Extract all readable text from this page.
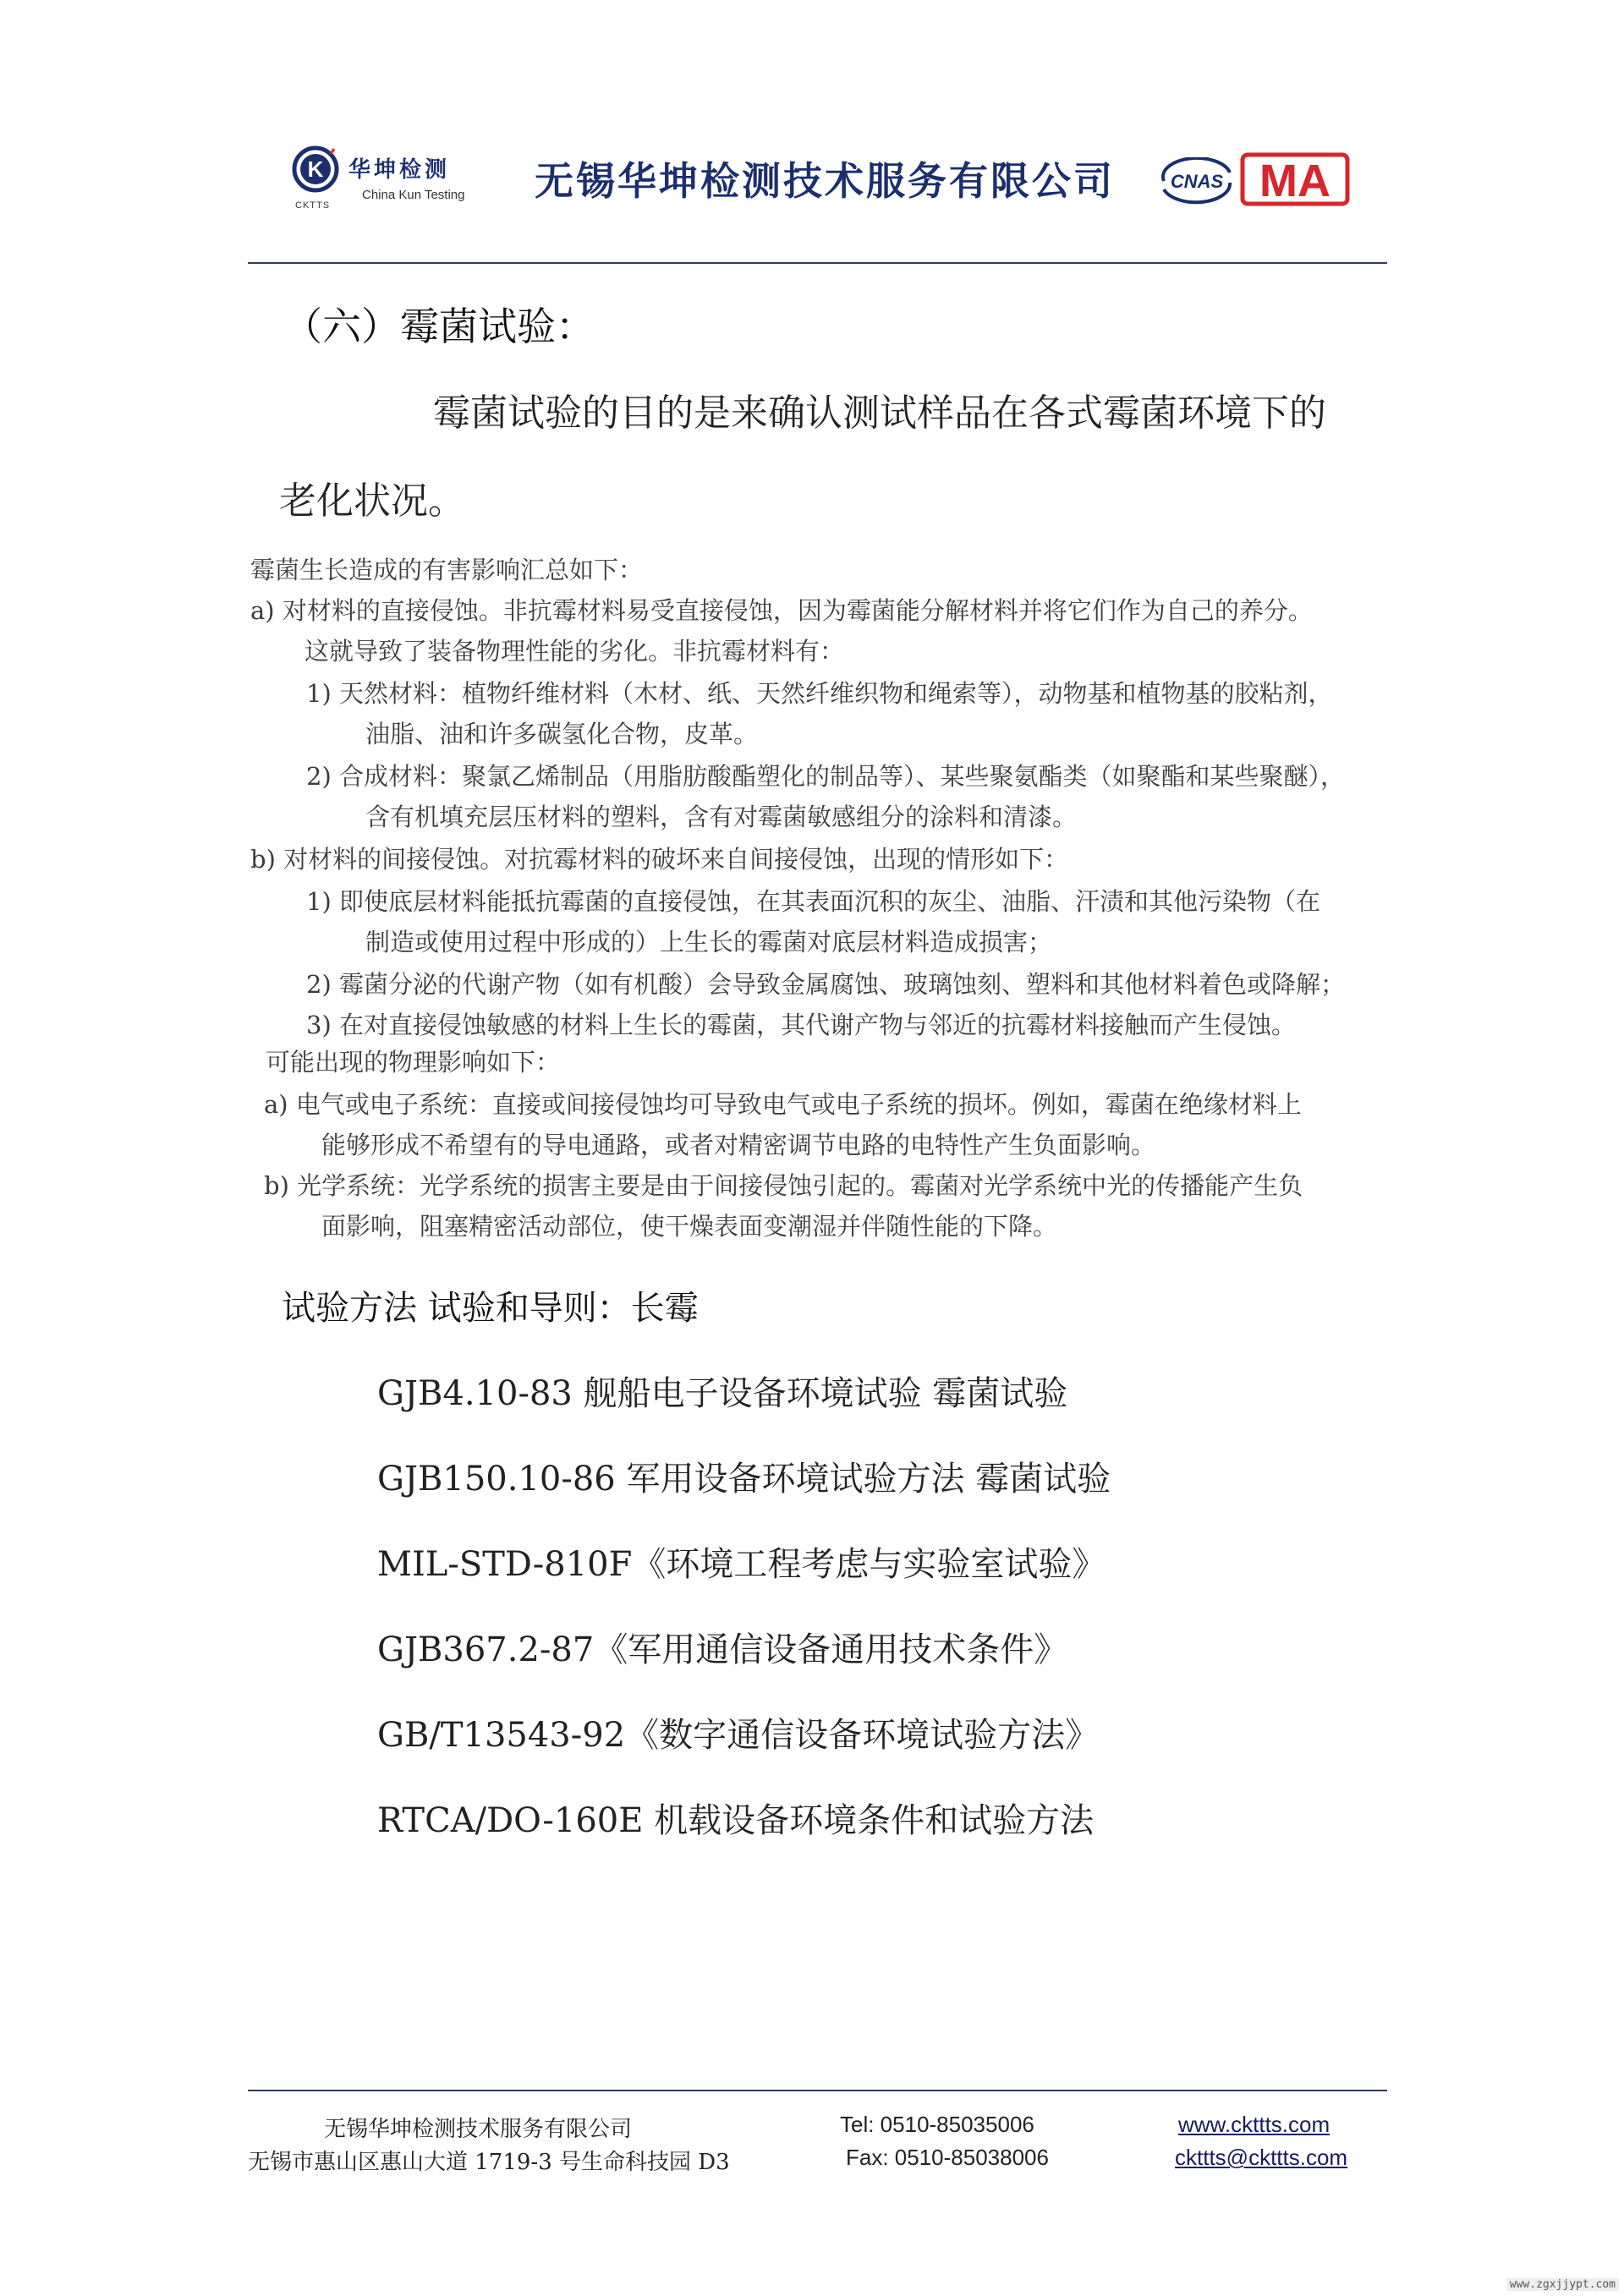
K 华坤检测
China Kun Testing
CKTTS
无锡华坤检测技术服务有限公司	CNAS MA
（六）霉菌试验：
霉菌试验的目的是来确认测试样品在各式霉菌环境下的
老化状况。
霉菌生长造成的有害影响汇总如下：
a) 对材料的直接侵蚀。非抗霉材料易受直接侵蚀，因为霉菌能分解材料并将它们作为自己的养分。
这就导致了装备物理性能的劣化。非抗霉材料有：
1) 天然材料：植物纤维材料（木材、纸、天然纤维织物和绳索等），动物基和植物基的胶粘剂，
油脂、油和许多碳氢化合物，皮革。
2) 合成材料：聚氯乙烯制品（用脂肪酸酯塑化的制品等）、某些聚氨酯类（如聚酯和某些聚醚），
含有机填充层压材料的塑料，含有对霉菌敏感组分的涂料和清漆。
b) 对材料的间接侵蚀。对抗霉材料的破坏来自间接侵蚀，出现的情形如下：
1) 即使底层材料能抵抗霉菌的直接侵蚀，在其表面沉积的灰尘、油脂、汗渍和其他污染物（在
制造或使用过程中形成的）上生长的霉菌对底层材料造成损害；
2) 霉菌分泌的代谢产物（如有机酸）会导致金属腐蚀、玻璃蚀刻、塑料和其他材料着色或降解；
3) 在对直接侵蚀敏感的材料上生长的霉菌，其代谢产物与邻近的抗霉材料接触而产生侵蚀。
可能出现的物理影响如下：
a) 电气或电子系统：直接或间接侵蚀均可导致电气或电子系统的损坏。例如，霉菌在绝缘材料上
能够形成不希望有的导电通路，或者对精密调节电路的电特性产生负面影响。
b) 光学系统：光学系统的损害主要是由于间接侵蚀引起的。霉菌对光学系统中光的传播能产生负
面影响，阻塞精密活动部位，使干燥表面变潮湿并伴随性能的下降。
试验方法 试验和导则：长霉
GJB4.10-83 舰船电子设备环境试验 霉菌试验
GJB150.10-86 军用设备环境试验方法 霉菌试验
MIL-STD-810F《环境工程考虑与实验室试验》
GJB367.2-87《军用通信设备通用技术条件》
GB/T13543-92《数字通信设备环境试验方法》
RTCA/DO-160E 机载设备环境条件和试验方法
无锡华坤检测技术服务有限公司
无锡市惠山区惠山大道 1719-3 号生命科技园 D3
Tel: 0510-85035006
Fax: 0510-85038006
www.ckttts.com
ckttts@ckttts.com
www.zgxjjypt.com
